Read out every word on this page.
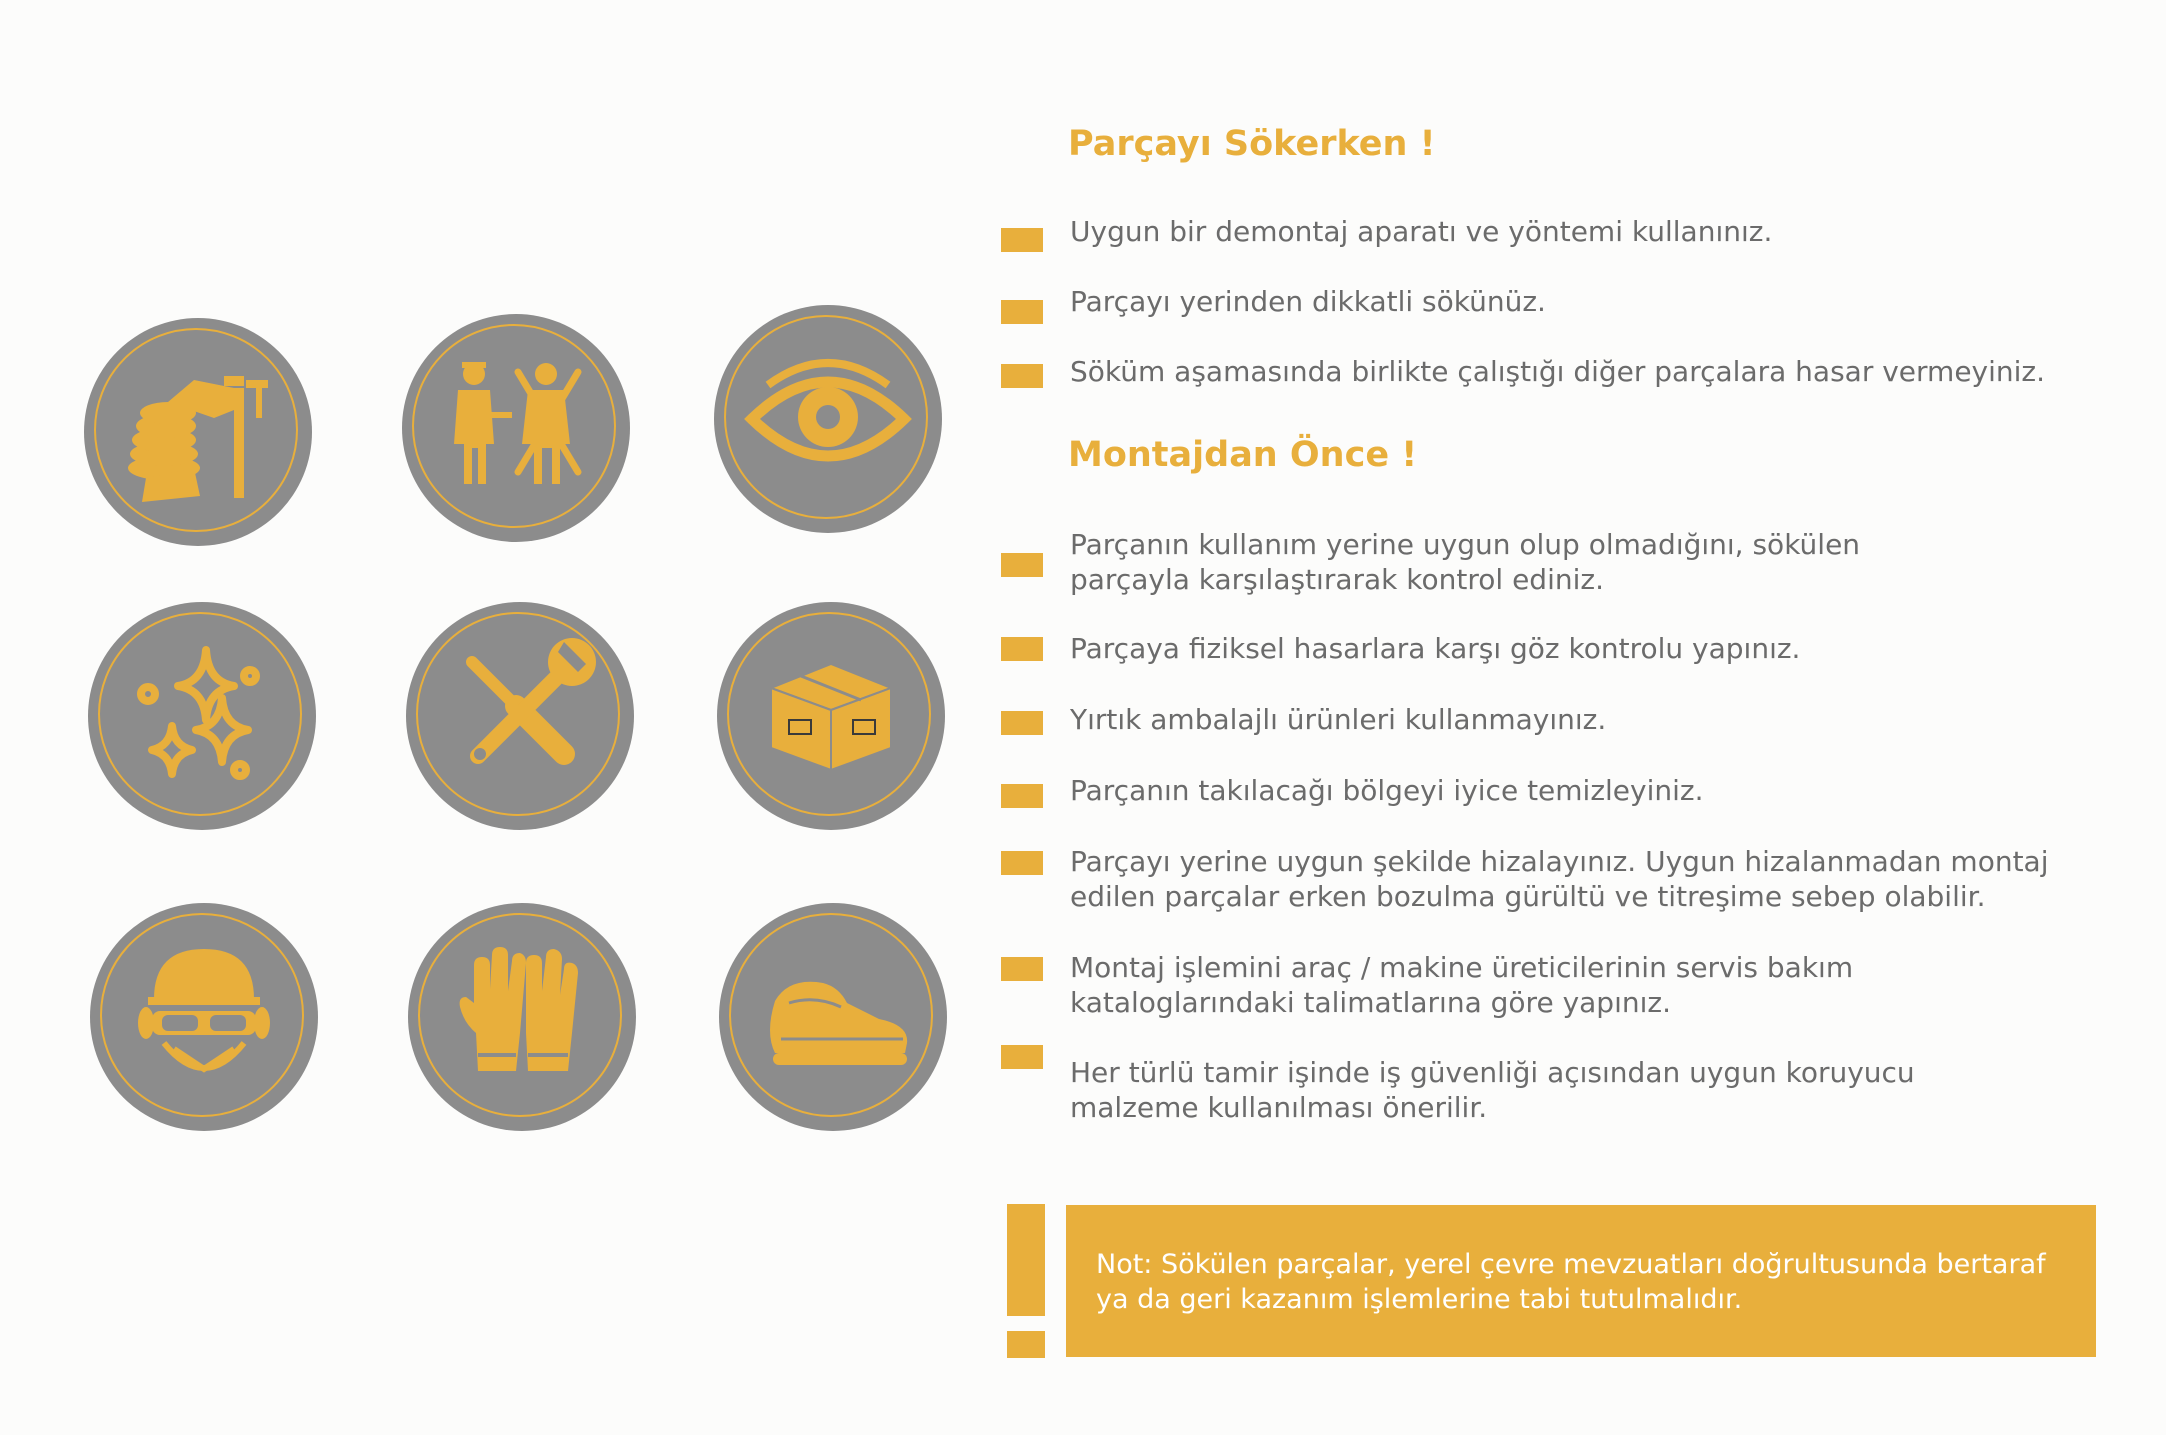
Parçayı Sökerken !
Uygun bir demontaj aparatı ve yöntemi kullanınız.
Parçayı yerinden dikkatli sökünüz.
Söküm aşamasında birlikte çalıştığı diğer parçalara hasar vermeyiniz.
Montajdan Önce !
Parçanın kullanım yerine uygun olup olmadığını, sökülen parçayla karşılaştırarak kontrol ediniz.
Parçaya fiziksel hasarlara karşı göz kontrolu yapınız.
Yırtık ambalajlı ürünleri kullanmayınız.
Parçanın takılacağı bölgeyi iyice temizleyiniz.
Parçayı yerine uygun şekilde hizalayınız. Uygun hizalanmadan montaj edilen parçalar erken bozulma gürültü ve titreşime sebep olabilir.
Montaj işlemini araç / makine üreticilerinin servis bakım kataloglarındaki talimatlarına göre yapınız.
Her türlü tamir işinde iş güvenliği açısından uygun koruyucu malzeme kullanılması önerilir.
Not: Sökülen parçalar, yerel çevre mevzuatları doğrultusunda bertaraf ya da geri kazanım işlemlerine tabi tutulmalıdır.
